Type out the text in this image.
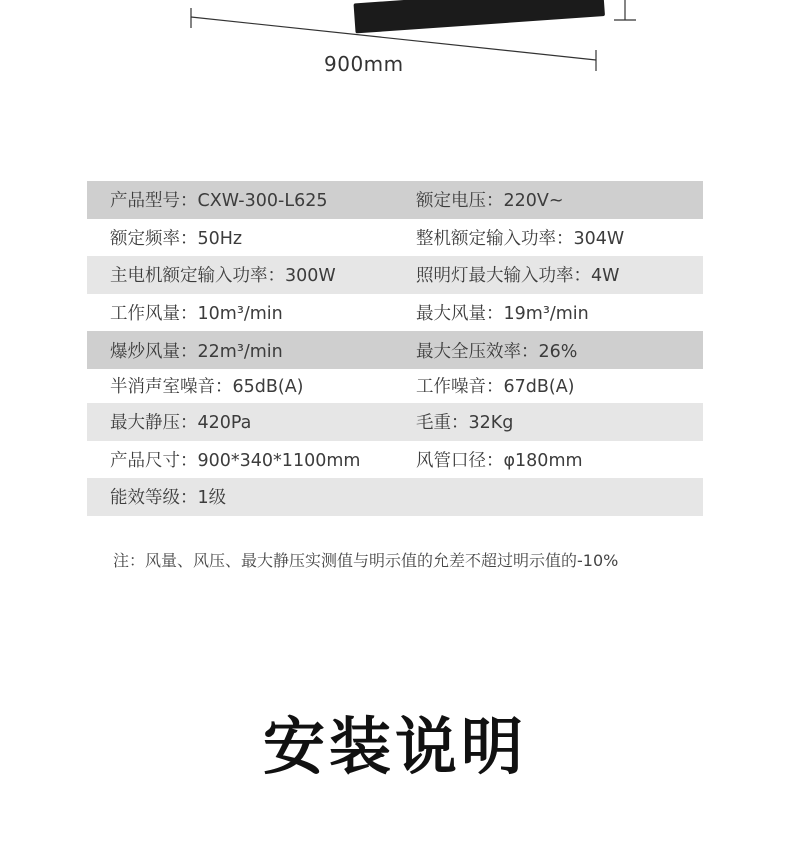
900mm
产品型号：CXW-300-L625	额定电压：220V~
额定频率：50Hz	整机额定输入功率：304W
主电机额定输入功率：300W	照明灯最大输入功率：4W
工作风量：10m³/min	最大风量：19m³/min
爆炒风量：22m³/min	最大全压效率：26%
半消声室噪音：65dB(A)	工作噪音：67dB(A)
最大静压：420Pa	毛重：32Kg
产品尺寸：900*340*1100mm	风管口径：φ180mm
能效等级：1级
注：风量、风压、最大静压实测值与明示值的允差不超过明示值的-10%
安装说明
